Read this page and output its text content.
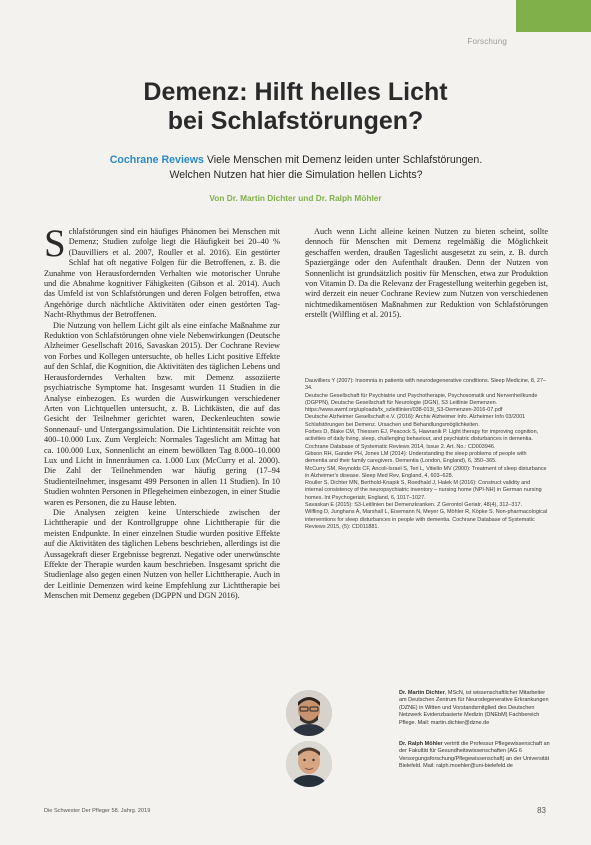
Forschung
Demenz: Hilft helles Licht
bei Schlafstörungen?
Cochrane Reviews Viele Menschen mit Demenz leiden unter Schlafstörungen.
Welchen Nutzen hat hier die Simulation hellen Lichts?
Von Dr. Martin Dichter und Dr. Ralph Möhler

Schlafstörungen sind ein häufiges Phänomen bei Menschen mit Demenz; Studien zufolge liegt die Häufigkeit bei 20–40 % (Dauvilliers et al. 2007, Rouller et al. 2016). Ein gestörter Schlaf hat oft negative Folgen für die Betroffenen, z. B. die Zunahme von Herausfordernden Verhalten wie motorischer Unruhe und die Abnahme kognitiver Fähigkeiten (Gibson et al. 2014). Auch das Umfeld ist von Schlafstörungen und deren Folgen betroffen, etwa Angehörige durch nächtliche Aktivitäten oder einen gestörten Tag-Nacht-Rhythmus der Betroffenen.

Die Nutzung von hellem Licht gilt als eine einfache Maßnahme zur Reduktion von Schlafstörungen ohne viele Nebenwirkungen (Deutsche Alzheimer Gesellschaft 2016, Savaskan 2015). Der Cochrane Review von Forbes und Kollegen untersuchte, ob helles Licht positive Effekte auf den Schlaf, die Kognition, die Aktivitäten des täglichen Lebens und Herausforderndes Verhalten bzw. mit Demenz assoziierte psychiatrische Symptome hat. Insgesamt wurden 11 Studien in die Analyse einbezogen. Es wurden die Auswirkungen verschiedener Arten von Lichtquellen untersucht, z. B. Lichtkästen, die auf das Gesicht der Teilnehmer gerichtet waren, Deckenleuchten sowie Sonnenauf- und Untergangssimulation. Die Lichtintensität reichte von 400–10.000 Lux. Zum Vergleich: Normales Tageslicht am Mittag hat ca. 100.000 Lux, Sonnenlicht an einem bewölkten Tag 8.000–10.000 Lux und Licht in Innenräumen ca. 1.000 Lux (McCurry et al. 2000). Die Zahl der Teilnehmenden war häufig gering (17–94 Studienteilnehmer, insgesamt 499 Personen in allen 11 Studien). In 10 Studien wohnten Personen in Pflegeheimen einbezogen, in einer Studie waren es Personen, die zu Hause lebten.

Die Analysen zeigten keine Unterschiede zwischen der Lichttherapie und der Kontrollgruppe ohne Lichttherapie für die meisten Endpunkte. In einer einzelnen Studie wurden positive Effekte auf die Aktivitäten des täglichen Lebens beschrieben, allerdings ist die Aussagekraft dieser Ergebnisse begrenzt. Negative oder unerwünschte Effekte der Therapie wurden kaum beschrieben. Insgesamt spricht die Studienlage also gegen einen Nutzen von heller Lichttherapie. Auch in der Leitlinie Demenzen wird keine Empfehlung zur Lichttherapie bei Menschen mit Demenz gegeben (DGPPN und DGN 2016).

Auch wenn Licht alleine keinen Nutzen zu bieten scheint, sollte dennoch für Menschen mit Demenz regelmäßig die Möglichkeit geschaffen werden, draußen Tageslicht ausgesetzt zu sein, z. B. durch Spaziergänge oder den Aufenthalt draußen. Denn der Nutzen von Sonnenlicht ist grundsätzlich positiv für Menschen, etwa zur Produktion von Vitamin D. Da die Relevanz der Fragestellung weiterhin gegeben ist, wird derzeit ein neuer Cochrane Review zum Nutzen von verschiedenen nichtmedikamentösen Maßnahmen zur Reduktion von Schlafstörungen erstellt (Wilfling et al. 2015).

Dauvilliers Y (2007): Insomnia in patients with neurodegenerative conditions. Sleep Medicine, 8, 27–34.
Deutsche Gesellschaft für Psychiatrie und Psychotherapie, Psychosomatik und Nervenheilkunde (DGPPN), Deutsche Gesellschaft für Neurologie (DGN), S3 Leitlinie Demenzen. https://www.awmf.org/uploads/tx_szleitlinien/038-013l_S3-Demenzen-2016-07.pdf
Deutsche Alzheimer Gesellschaft e.V. (2016): Archiv Alzheimer Info. Alzheimer Info 03/2001 Schlafstörungen bei Demenz. Ursachen und Behandlungsmöglichkeiten.
Forbes D, Blake CM, Thiessen EJ, Peacock S, Hawranik P. Light therapy for improving cognition, activities of daily living, sleep, challenging behaviour, and psychiatric disturbances in dementia. Cochrane Database of Systematic Reviews 2014, Issue 2. Art. No.: CD003946.
Gibson RH, Gander PH, Jones LM (2014): Understanding the sleep problems of people with dementia and their family caregivers. Dementia (London, England), 6, 350–365.
McCurry SM, Reynolds CF, Ancoli-Israel S, Teri L, Vitiello MV (2000): Treatment of sleep disturbance in Alzheimer's disease. Sleep Med Rev, England, 4, 603–628.
Rouller S, Dichter MN, Berthold-Knapik S, Roedhald J, Halek M (2016): Construct validity and internal consistency of the neuropsychiatric inventory – nursing home (NPI-NH) in German nursing homes. Int Psychogeriatr, England, 6, 1017–1027.
Savaskan E (2015): S3-Leitlinien bei Demenzkranken. Z Gerontol Geriatr, 48(4), 312–317.
Wilfling D, Junghans A, Marshall L, Eisemann N, Meyer G, Möhler R, Köpke S. Non-pharmacological interventions for sleep disturbances in people with dementia. Cochrane Database of Systematic Reviews 2015, (5): CD011881.
Dr. Martin Dichter, MScN, ist wissenschaftlicher Mitarbeiter am Deutschen Zentrum für Neurodegenerative Erkrankungen (DZNE) in Witten und Vorstandsmitglied des Deutschen Netzwerk Evidenzbasierte Medizin (DNEbM) Fachbereich Pflege. Mail: martin.dichter@dzne.de
Dr. Ralph Möhler vertritt die Professur Pflegewissenschaft an der Fakultät für Gesundheitswissenschaften (AG 6 Versorgungsforschung/Pflegewissenschaft) an der Universität Bielefeld. Mail: ralph.moehler@uni-bielefeld.de
Die Schwester Der Pfleger 58. Jahrg. 2019	83
